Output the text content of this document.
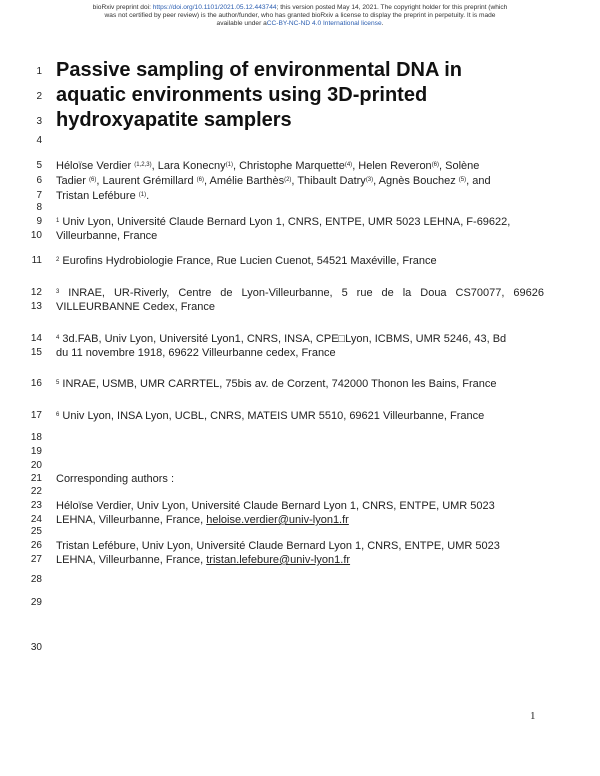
bioRxiv preprint doi: https://doi.org/10.1101/2021.05.12.443744; this version posted May 14, 2021. The copyright holder for this preprint (which
was not certified by peer review) is the author/funder, who has granted bioRxiv a license to display the preprint in perpetuity. It is made
available under aCC-BY-NC-ND 4.0 International license.
1
2
3
4
5
6
7
8
9
10
11
12
13
14
15
16
17
18
19
20
21
22
23
24
25
26
27
28
29
30
Passive sampling of environmental DNA in
aquatic environments using 3D-printed
hydroxyapatite samplers
Héloïse Verdier $^{(1,2,3)}$, Lara Konecny$^{(1)}$, Christophe Marquette$^{(4)}$, Helen Reveron$^{(6)}$, Solène
Tadier $^{(6)}$, Laurent Grémillard $^{(6)}$, Amélie Barthès$^{(2)}$, Thibault Datry$^{(3)}$, Agnès Bouchez $^{(5)}$, and
Tristan Lefébure $^{(1)}$.
$^1$ Univ Lyon, Université Claude Bernard Lyon 1, CNRS, ENTPE, UMR 5023 LEHNA, F-69622,
Villeurbanne, France
$^2$ Eurofins Hydrobiologie France, Rue Lucien Cuenot, 54521 Maxéville, France
$^3$ INRAE, UR-Riverly, Centre de Lyon-Villeurbanne, 5 rue de la Doua CS70077, 69626
VILLEURBANNE Cedex, France
$^4$ 3d.FAB, Univ Lyon, Université Lyon1, CNRS, INSA, CPE□Lyon, ICBMS, UMR 5246, 43, Bd
du 11 novembre 1918, 69622 Villeurbanne cedex, France
$^5$ INRAE, USMB, UMR CARRTEL, 75bis av. de Corzent, 742000 Thonon les Bains, France
$^6$ Univ Lyon, INSA Lyon, UCBL, CNRS, MATEIS UMR 5510, 69621 Villeurbanne, France
Corresponding authors :
Héloïse Verdier, Univ Lyon, Université Claude Bernard Lyon 1, CNRS, ENTPE, UMR 5023
LEHNA, Villeurbanne, France, heloise.verdier@univ-lyon1.fr
Tristan Lefébure, Univ Lyon, Université Claude Bernard Lyon 1, CNRS, ENTPE, UMR 5023
LEHNA, Villeurbanne, France, tristan.lefebure@univ-lyon1.fr
1
